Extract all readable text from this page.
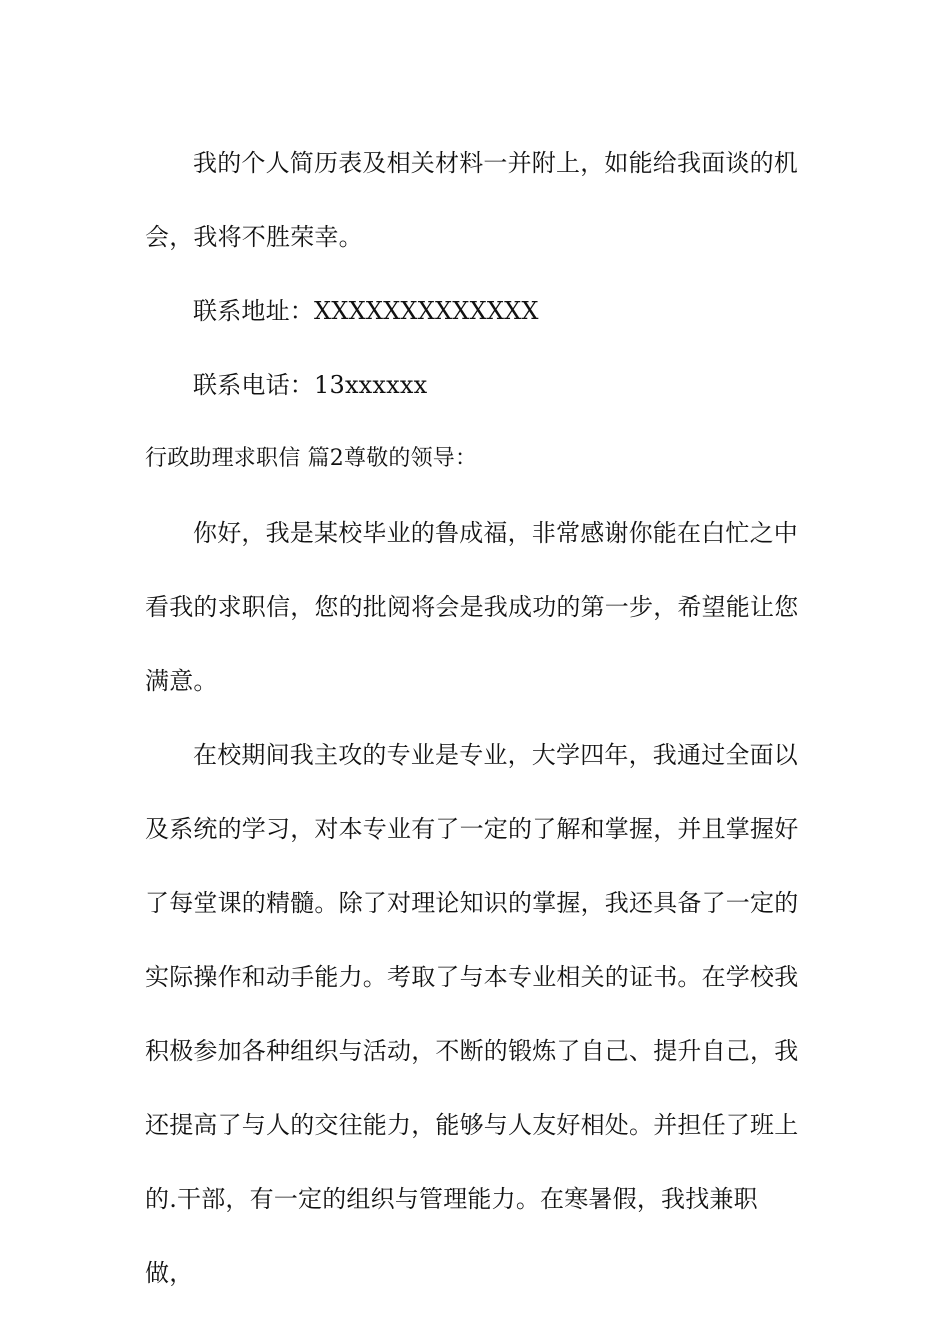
我的个人简历表及相关材料一并附上，如能给我面谈的机会，我将不胜荣幸。

联系地址：XXXXXXXXXXXXX

联系电话：13xxxxxx

行政助理求职信 篇2尊敬的领导：

你好，我是某校毕业的鲁成福，非常感谢你能在白忙之中看我的求职信，您的批阅将会是我成功的第一步，希望能让您满意。

在校期间我主攻的专业是专业，大学四年，我通过全面以及系统的学习，对本专业有了一定的了解和掌握，并且掌握好了每堂课的精髓。除了对理论知识的掌握，我还具备了一定的实际操作和动手能力。考取了与本专业相关的证书。在学校我积极参加各种组织与活动，不断的锻炼了自己、提升自己，我还提高了与人的交往能力，能够与人友好相处。并担任了班上的.干部，有一定的组织与管理能力。在寒暑假，我找兼职做，
